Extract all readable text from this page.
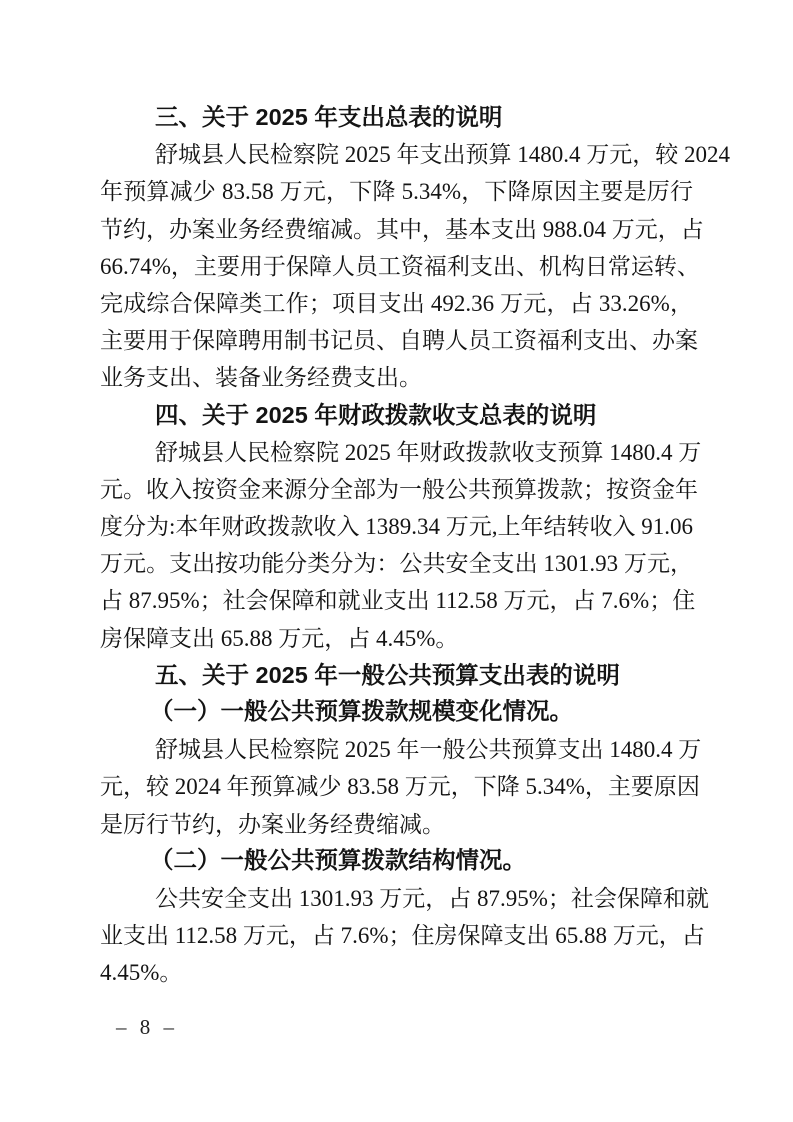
三、关于 2025 年支出总表的说明
舒城县人民检察院 2025 年支出预算 1480.4 万元，较 2024
年预算减少 83.58 万元，下降 5.34%，下降原因主要是厉行
节约，办案业务经费缩减。其中，基本支出 988.04 万元，占
66.74%，主要用于保障人员工资福利支出、机构日常运转、
完成综合保障类工作；项目支出 492.36 万元，占 33.26%，
主要用于保障聘用制书记员、自聘人员工资福利支出、办案
业务支出、装备业务经费支出。
四、关于 2025 年财政拨款收支总表的说明
舒城县人民检察院 2025 年财政拨款收支预算 1480.4 万
元。收入按资金来源分全部为一般公共预算拨款；按资金年
度分为:本年财政拨款收入 1389.34 万元,上年结转收入 91.06
万元。支出按功能分类分为：公共安全支出 1301.93 万元，
占 87.95%；社会保障和就业支出 112.58 万元，占 7.6%；住
房保障支出 65.88 万元，占 4.45%。
五、关于 2025 年一般公共预算支出表的说明
（一）一般公共预算拨款规模变化情况。
舒城县人民检察院 2025 年一般公共预算支出 1480.4 万
元，较 2024 年预算减少 83.58 万元，下降 5.34%，主要原因
是厉行节约，办案业务经费缩减。
（二）一般公共预算拨款结构情况。
公共安全支出 1301.93 万元，占 87.95%；社会保障和就
业支出 112.58 万元，占 7.6%；住房保障支出 65.88 万元，占
4.45%。
– 8 –
